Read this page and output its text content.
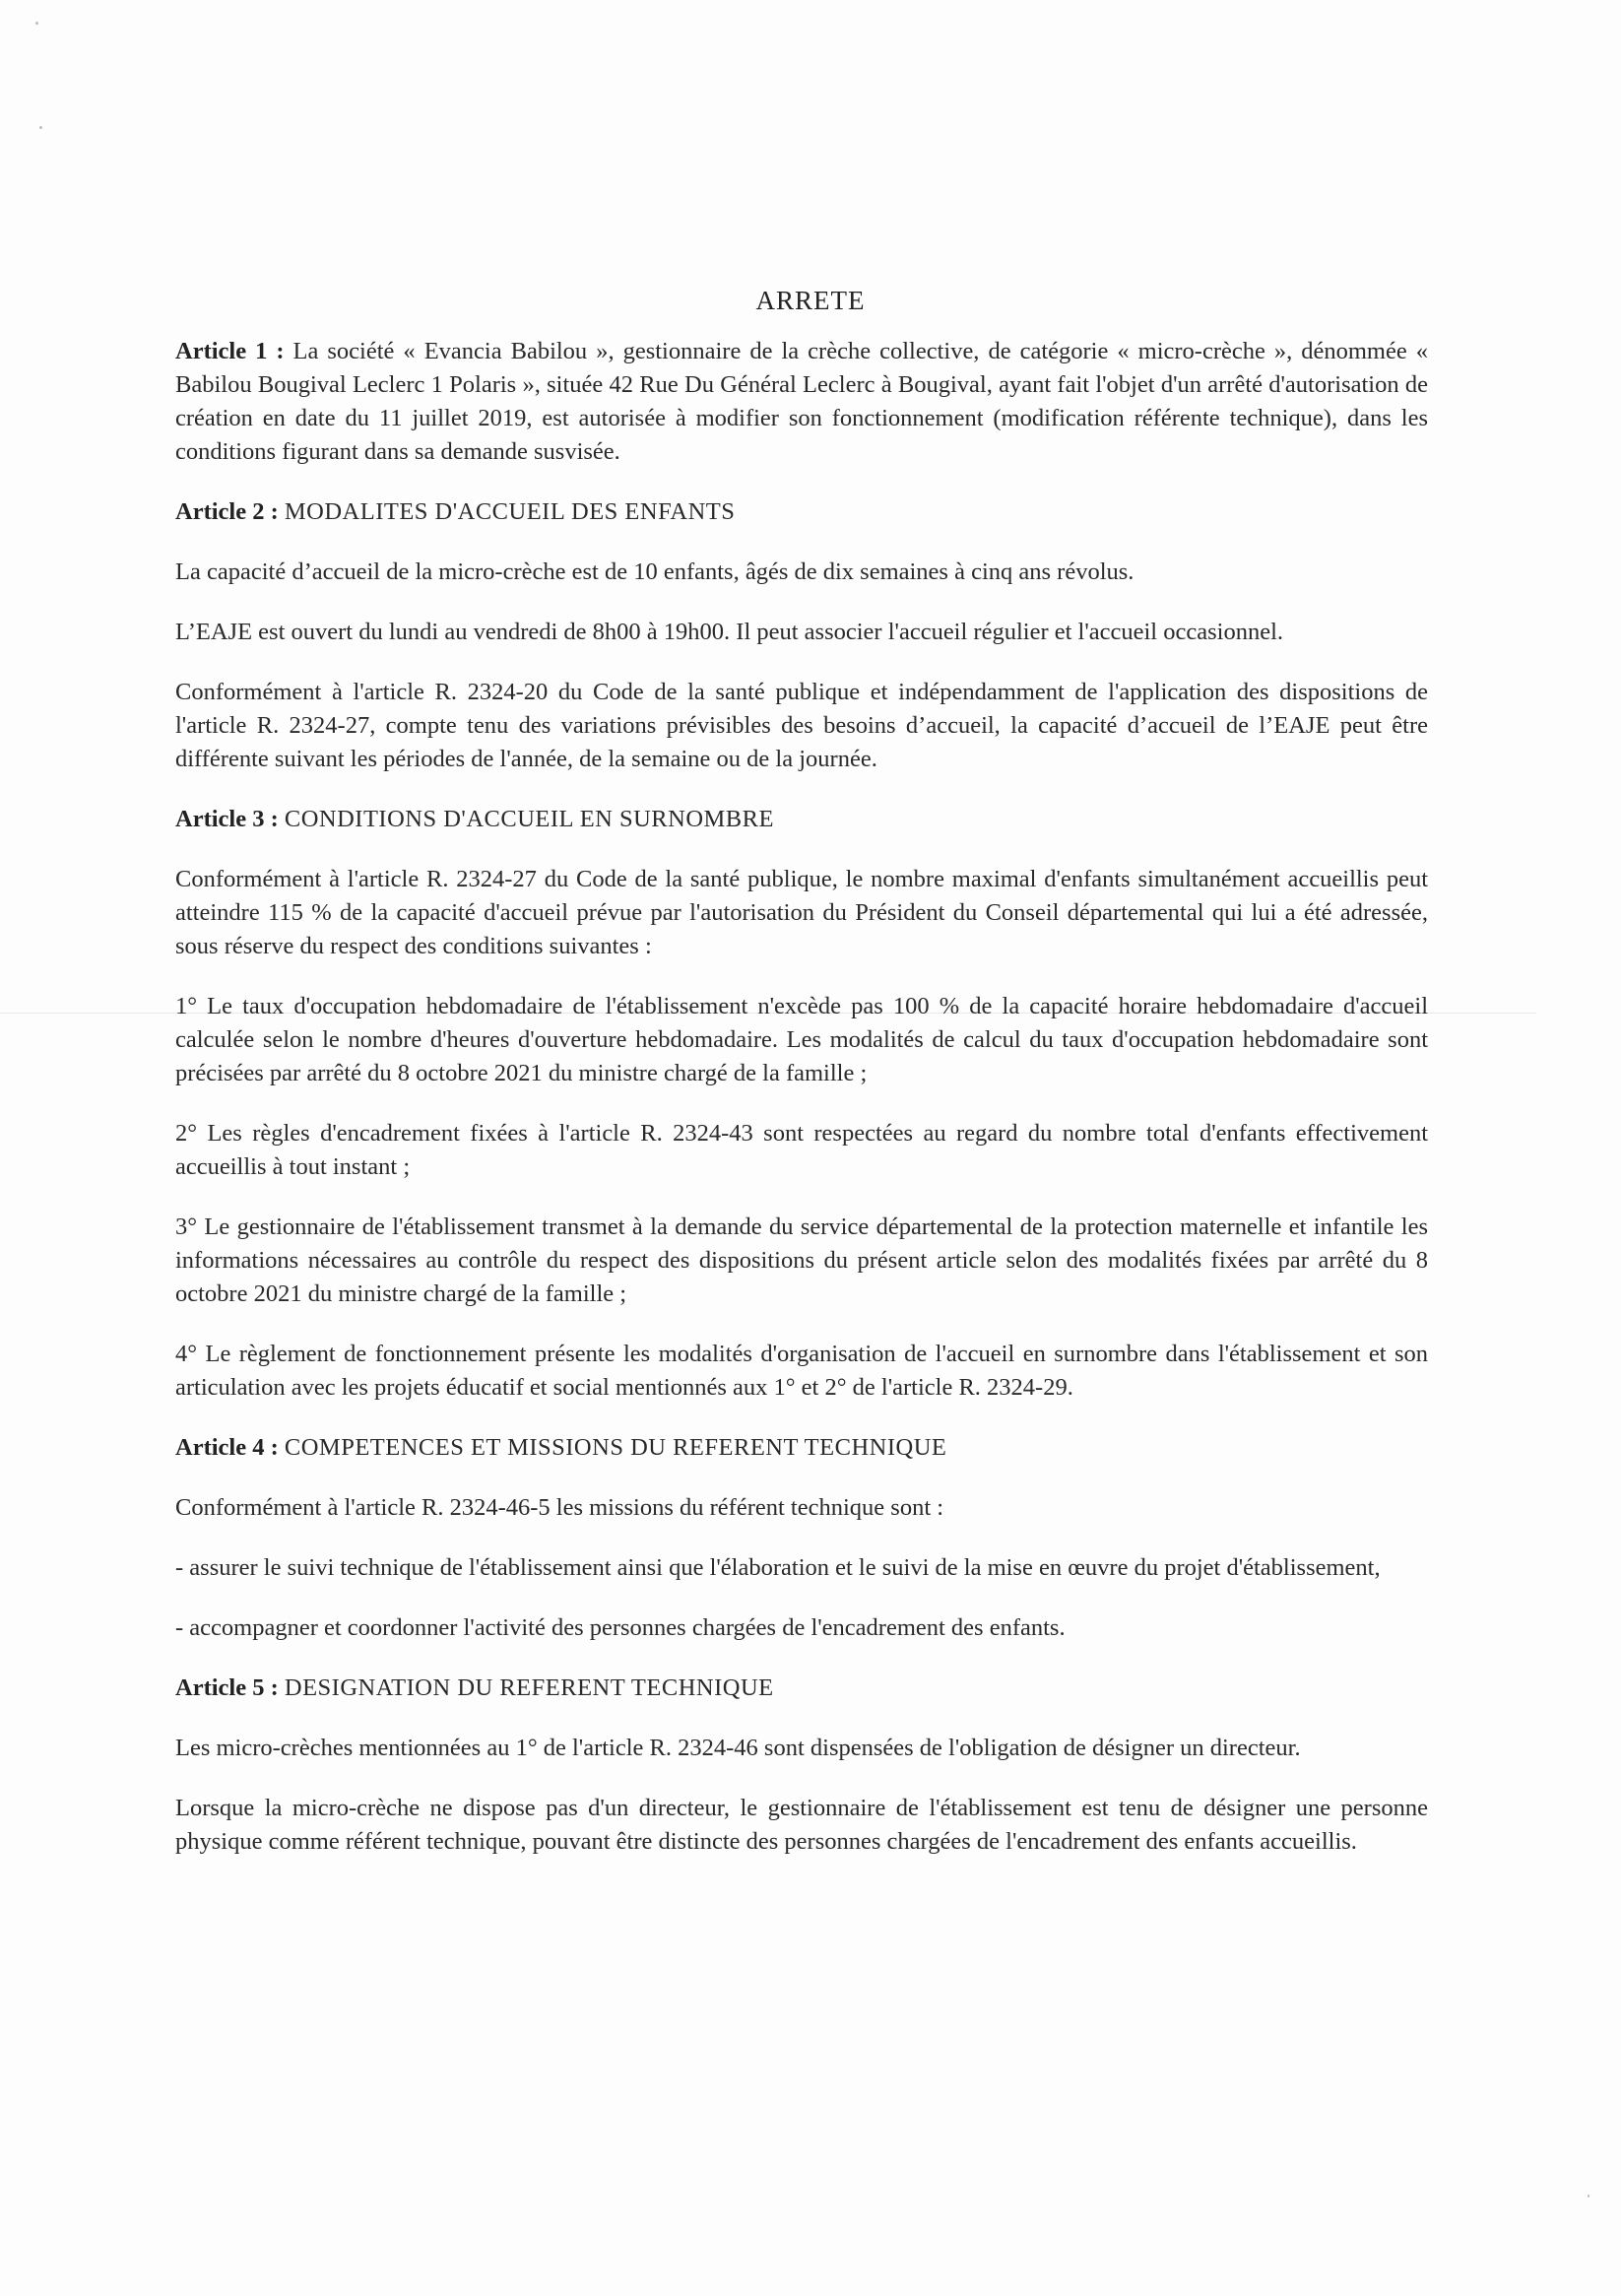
ARRETE

Article 1 : La société « Evancia Babilou », gestionnaire de la crèche collective, de catégorie « micro-crèche », dénommée « Babilou Bougival Leclerc 1 Polaris », située 42 Rue Du Général Leclerc à Bougival, ayant fait l'objet d'un arrêté d'autorisation de création en date du 11 juillet 2019, est autorisée à modifier son fonctionnement (modification référente technique), dans les conditions figurant dans sa demande susvisée.

Article 2 : MODALITES D'ACCUEIL DES ENFANTS

La capacité d’accueil de la micro-crèche est de 10 enfants, âgés de dix semaines à cinq ans révolus.

L’EAJE est ouvert du lundi au vendredi de 8h00 à 19h00. Il peut associer l'accueil régulier et l'accueil occasionnel.

Conformément à l'article R. 2324-20 du Code de la santé publique et indépendamment de l'application des dispositions de l'article R. 2324-27, compte tenu des variations prévisibles des besoins d’accueil, la capacité d’accueil de l’EAJE peut être différente suivant les périodes de l'année, de la semaine ou de la journée.

Article 3 : CONDITIONS D'ACCUEIL EN SURNOMBRE

Conformément à l'article R. 2324-27 du Code de la santé publique, le nombre maximal d'enfants simultanément accueillis peut atteindre 115 % de la capacité d'accueil prévue par l'autorisation du Président du Conseil départemental qui lui a été adressée, sous réserve du respect des conditions suivantes :

1° Le taux d'occupation hebdomadaire de l'établissement n'excède pas 100 % de la capacité horaire hebdomadaire d'accueil calculée selon le nombre d'heures d'ouverture hebdomadaire. Les modalités de calcul du taux d'occupation hebdomadaire sont précisées par arrêté du 8 octobre 2021 du ministre chargé de la famille ;

2° Les règles d'encadrement fixées à l'article R. 2324-43 sont respectées au regard du nombre total d'enfants effectivement accueillis à tout instant ;

3° Le gestionnaire de l'établissement transmet à la demande du service départemental de la protection maternelle et infantile les informations nécessaires au contrôle du respect des dispositions du présent article selon des modalités fixées par arrêté du 8 octobre 2021 du ministre chargé de la famille ;

4° Le règlement de fonctionnement présente les modalités d'organisation de l'accueil en surnombre dans l'établissement et son articulation avec les projets éducatif et social mentionnés aux 1° et 2° de l'article R. 2324-29.

Article 4 : COMPETENCES ET MISSIONS DU REFERENT TECHNIQUE

Conformément à l'article R. 2324-46-5 les missions du référent technique sont :

- assurer le suivi technique de l'établissement ainsi que l'élaboration et le suivi de la mise en œuvre du projet d'établissement,

- accompagner et coordonner l'activité des personnes chargées de l'encadrement des enfants.

Article 5 : DESIGNATION DU REFERENT TECHNIQUE

Les micro-crèches mentionnées au 1° de l'article R. 2324-46 sont dispensées de l'obligation de désigner un directeur.

Lorsque la micro-crèche ne dispose pas d'un directeur, le gestionnaire de l'établissement est tenu de désigner une personne physique comme référent technique, pouvant être distincte des personnes chargées de l'encadrement des enfants accueillis.
